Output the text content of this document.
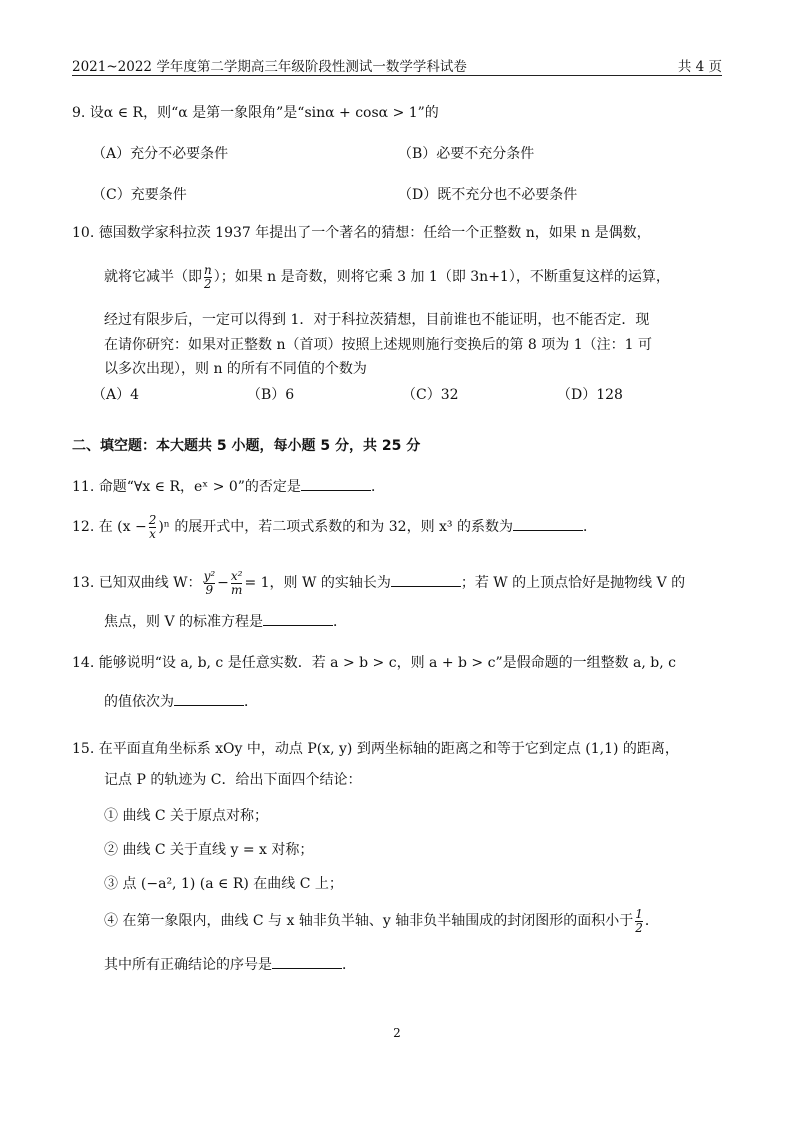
2021~2022 学年度第二学期高三年级阶段性测试一数学学科试卷	共 4 页
9. 设α ∈ R，则“α 是第一象限角”是“sinα + cosα > 1”的
（A）充分不必要条件	（B）必要不充分条件
（C）充要条件	（D）既不充分也不必要条件
10. 德国数学家科拉茨 1937 年提出了一个著名的猜想：任给一个正整数 n，如果 n 是偶数，
就将它减半（即 $\frac{n}{2}$ ）；如果 n 是奇数，则将它乘 3 加 1（即 3n+1），不断重复这样的运算，
经过有限步后，一定可以得到 1．对于科拉茨猜想，目前谁也不能证明，也不能否定．现
在请你研究：如果对正整数 n（首项）按照上述规则施行变换后的第 8 项为 1（注：1 可
以多次出现），则 n 的所有不同值的个数为
（A）4	（B）6	（C）32	（D）128
二、填空题：本大题共 5 小题，每小题 5 分，共 25 分
11. 命题“∀x ∈ R，eˣ > 0”的否定是	．
12. 在 $(x - \frac{2}{x} )^n$ 的展开式中，若二项式系数的和为 32，则 x³ 的系数为	．
13. 已知双曲线 W： $\frac{\text{y²}}{9} - \frac{\text{x²}}{m} = 1$，则 W 的实轴长为	；若 W 的上顶点恰好是抛物线 V 的
焦点，则 V 的标准方程是	．
14. 能够说明“设 a, b, c 是任意实数．若 a > b > c，则 a + b > c”是假命题的一组整数 a, b, c
的值依次为	．
15. 在平面直角坐标系 xOy 中，动点 P(x, y) 到两坐标轴的距离之和等于它到定点 (1,1) 的距离，
记点 P 的轨迹为 C．给出下面四个结论：
① 曲线 C 关于原点对称；
② 曲线 C 关于直线 y = x 对称；
③ 点 (−a², 1) (a ∈ R) 在曲线 C 上；
④ 在第一象限内，曲线 C 与 x 轴非负半轴、y 轴非负半轴围成的封闭图形的面积小于 $\frac{1}{2}$ ．
其中所有正确结论的序号是	．
2
